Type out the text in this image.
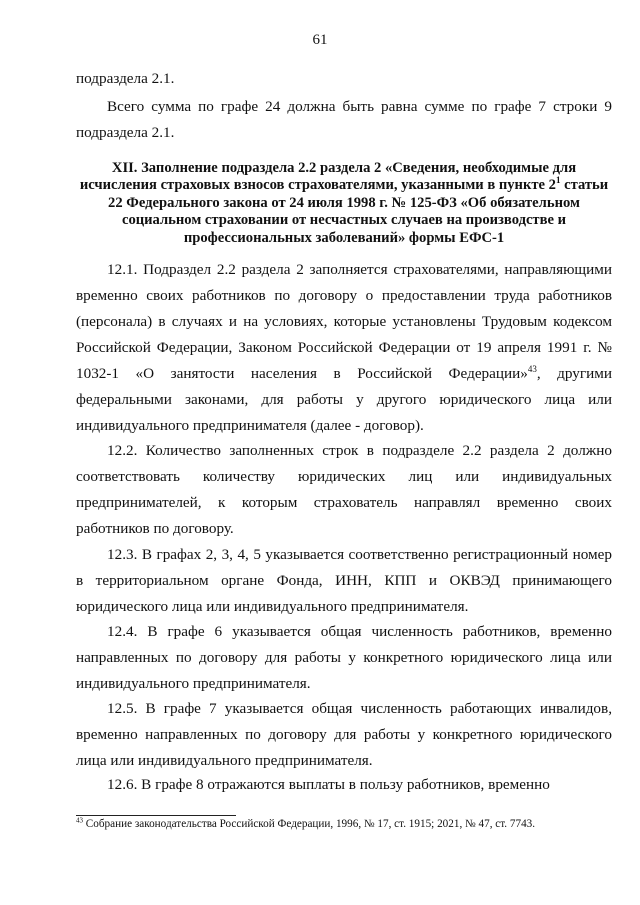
61

подраздела 2.1.

Всего сумма по графе 24 должна быть равна сумме по графе 7 строки 9 подраздела 2.1.

XII. Заполнение подраздела 2.2 раздела 2 «Сведения, необходимые для исчисления страховых взносов страхователями, указанными в пункте $2^1$ статьи 22 Федерального закона от 24 июля 1998 г. № 125-ФЗ «Об обязательном социальном страховании от несчастных случаев на производстве и профессиональных заболеваний» формы ЕФС-1

12.1. Подраздел 2.2 раздела 2 заполняется страхователями, направляющими временно своих работников по договору о предоставлении труда работников (персонала) в случаях и на условиях, которые установлены Трудовым кодексом Российской Федерации, Законом Российской Федерации от 19 апреля 1991 г. № 1032-1 «О занятости населения в Российской Федерации»$^{43}$, другими федеральными законами, для работы у другого юридического лица или индивидуального предпринимателя (далее - договор).

12.2. Количество заполненных строк в подразделе 2.2 раздела 2 должно соответствовать количеству юридических лиц или индивидуальных предпринимателей, к которым страхователь направлял временно своих работников по договору.

12.3. В графах 2, 3, 4, 5 указывается соответственно регистрационный номер в территориальном органе Фонда, ИНН, КПП и ОКВЭД принимающего юридического лица или индивидуального предпринимателя.

12.4. В графе 6 указывается общая численность работников, временно направленных по договору для работы у конкретного юридического лица или индивидуального предпринимателя.

12.5. В графе 7 указывается общая численность работающих инвалидов, временно направленных по договору для работы у конкретного юридического лица или индивидуального предпринимателя.

12.6. В графе 8 отражаются выплаты в пользу работников, временно

$^{43}$ Собрание законодательства Российской Федерации, 1996, № 17, ст. 1915; 2021, № 47, ст. 7743.
